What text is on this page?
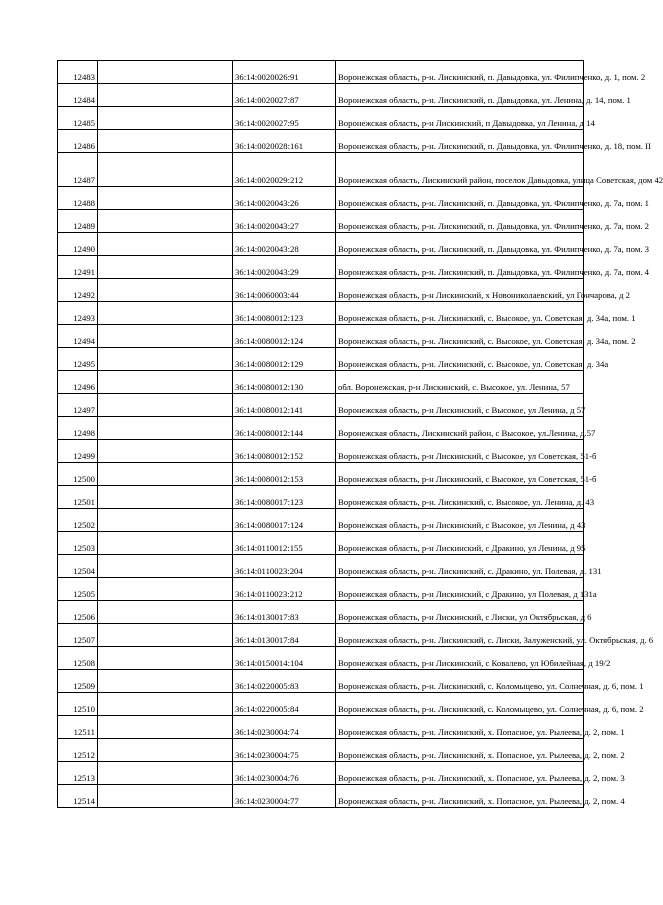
12483		36:14:0020026:91	Воронежская область, р-н. Лискинский, п. Давыдовка, ул. Филипченко, д. 1, пом. 2
12484		36:14:0020027:87	Воронежская область, р-н. Лискинский, п. Давыдовка, ул. Ленина, д. 14, пом. 1
12485		36:14:0020027:95	Воронежская область, р-н Лискинский, п Давыдовка, ул Ленина, д 14
12486		36:14:0020028:161	Воронежская область, р-н. Лискинский, п. Давыдовка, ул. Филипченко, д. 18, пом. II
12487		36:14:0020029:212	Воронежская область, Лискинский район, поселок Давыдовка, улица Советская, дом 42
12488		36:14:0020043:26	Воронежская область, р-н. Лискинский, п. Давыдовка, ул. Филипченко, д. 7а, пом. 1
12489		36:14:0020043:27	Воронежская область, р-н. Лискинский, п. Давыдовка, ул. Филипченко, д. 7а, пом. 2
12490		36:14:0020043:28	Воронежская область, р-н. Лискинский, п. Давыдовка, ул. Филипченко, д. 7а, пом. 3
12491		36:14:0020043:29	Воронежская область, р-н. Лискинский, п. Давыдовка, ул. Филипченко, д. 7а, пом. 4
12492		36:14:0060003:44	Воронежская область, р-н Лискинский, х Новониколаевский, ул Гончарова, д 2
12493		36:14:0080012:123	Воронежская область, р-н. Лискинский, с. Высокое, ул. Советская, д. 34а, пом. 1
12494		36:14:0080012:124	Воронежская область, р-н. Лискинский, с. Высокое, ул. Советская, д. 34а, пом. 2
12495		36:14:0080012:129	Воронежская область, р-н. Лискинский, с. Высокое, ул. Советская, д. 34а
12496		36:14:0080012:130	обл. Воронежская, р-н Лискинский, с. Высокое, ул. Ленина, 57
12497		36:14:0080012:141	Воронежская область, р-н Лискинский, с Высокое, ул Ленина, д 57
12498		36:14:0080012:144	Воронежская область, Лискинский район, с Высокое, ул.Ленина, д.57
12499		36:14:0080012:152	Воронежская область, р-н Лискинский, с Высокое, ул Советская, 51-б
12500		36:14:0080012:153	Воронежская область, р-н Лискинский, с Высокое, ул Советская, 51-б
12501		36:14:0080017:123	Воронежская область, р-н. Лискинский, с. Высокое, ул. Ленина, д. 43
12502		36:14:0080017:124	Воронежская область, р-н Лискинский, с Высокое, ул Ленина, д 43
12503		36:14:0110012:155	Воронежская область, р-н Лискинский, с Дракино, ул Ленина, д 95
12504		36:14:0110023:204	Воронежская область, р-н. Лискинский, с. Дракино, ул. Полевая, д. 131
12505		36:14:0110023:212	Воронежская область, р-н Лискинский, с Дракино, ул Полевая, д 131а
12506		36:14:0130017:83	Воронежская область, р-н Лискинский, с Лиски, ул Октябрьская, д 6
12507		36:14:0130017:84	Воронежская область, р-н. Лискинский, с. Лиски, Залуженский, ул. Октябрьская, д. 6
12508		36:14:0150014:104	Воронежская область, р-н Лискинский, с Ковалево, ул Юбилейная, д 19/2
12509		36:14:0220005:83	Воронежская область, р-н. Лискинский, с. Коломыцево, ул. Солнечная, д. 6, пом. 1
12510		36:14:0220005:84	Воронежская область, р-н. Лискинский, с. Коломыцево, ул. Солнечная, д. 6, пом. 2
12511		36:14:0230004:74	Воронежская область, р-н. Лискинский, х. Попасное, ул. Рылеева, д. 2, пом. 1
12512		36:14:0230004:75	Воронежская область, р-н. Лискинский, х. Попасное, ул. Рылеева, д. 2, пом. 2
12513		36:14:0230004:76	Воронежская область, р-н. Лискинский, х. Попасное, ул. Рылеева, д. 2, пом. 3
12514		36:14:0230004:77	Воронежская область, р-н. Лискинский, х. Попасное, ул. Рылеева, д. 2, пом. 4
